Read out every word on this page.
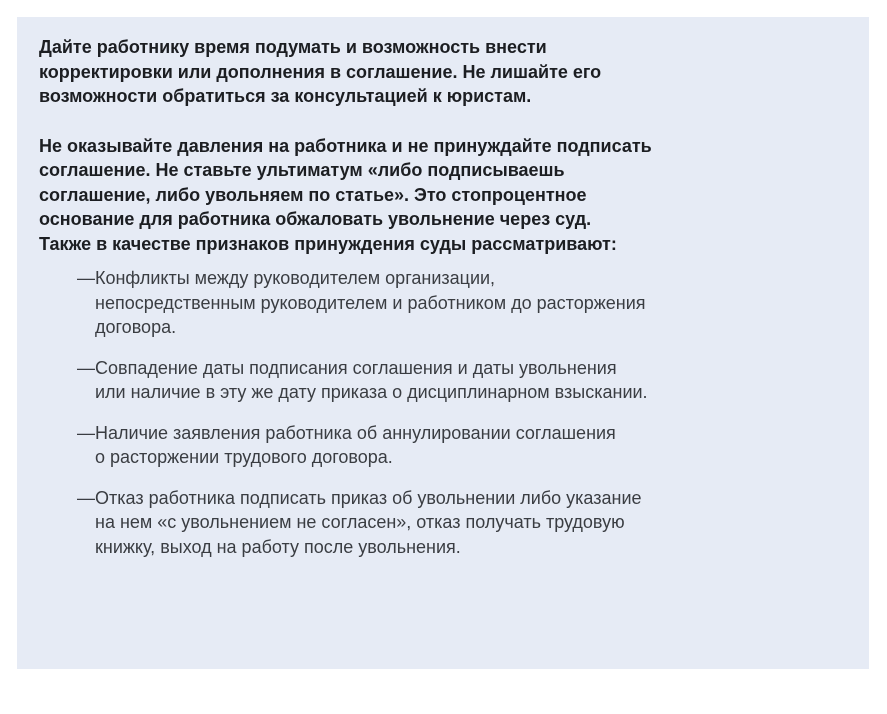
Дайте работнику время подумать и возможность внести
корректировки или дополнения в соглашение. Не лишайте его
возможности обратиться за консультацией к юристам.

Не оказывайте давления на работника и не принуждайте подписать
соглашение. Не ставьте ультиматум «либо подписываешь
соглашение, либо увольняем по статье». Это стопроцентное
основание для работника обжаловать увольнение через суд.
Также в качестве признаков принуждения суды рассматривают:

— Конфликты между руководителем организации,
непосредственным руководителем и работником до расторжения
договора.
— Совпадение даты подписания соглашения и даты увольнения
или наличие в эту же дату приказа о дисциплинарном взыскании.
— Наличие заявления работника об аннулировании соглашения
о расторжении трудового договора.
— Отказ работника подписать приказ об увольнении либо указание
на нем «с увольнением не согласен», отказ получать трудовую
книжку, выход на работу после увольнения.
